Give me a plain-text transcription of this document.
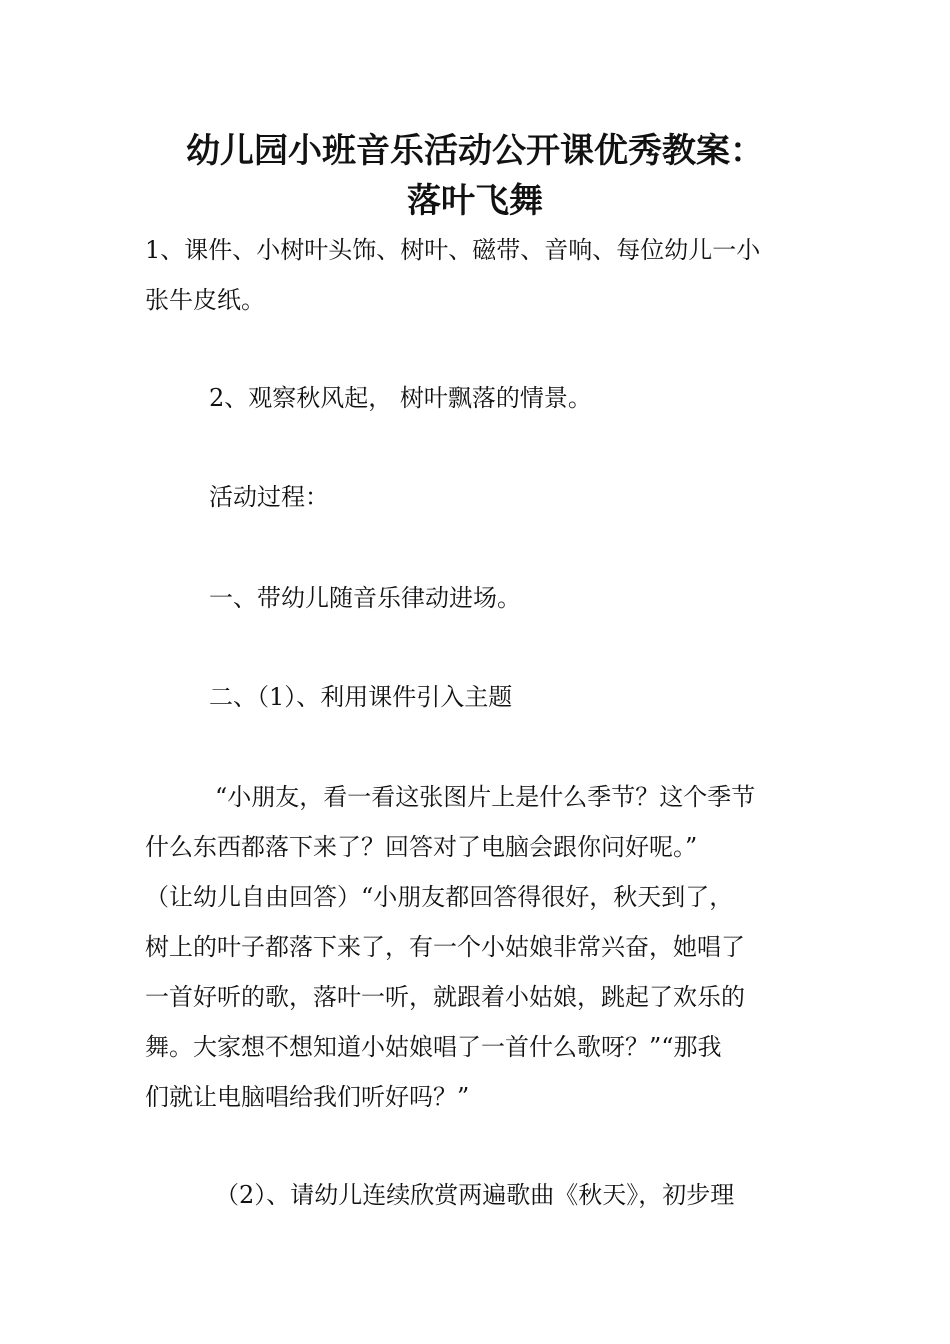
幼儿园小班音乐活动公开课优秀教案：
落叶飞舞

1、课件、小树叶头饰、树叶、磁带、音响、每位幼儿一小
张牛皮纸。

2、观察秋风起， 树叶飘落的情景。

活动过程：

一、带幼儿随音乐律动进场。

二、（1）、利用课件引入主题

“小朋友，看一看这张图片上是什么季节？这个季节
什么东西都落下来了？回答对了电脑会跟你问好呢。”
（让幼儿自由回答）“小朋友都回答得很好，秋天到了，
树上的叶子都落下来了，有一个小姑娘非常兴奋，她唱了
一首好听的歌，落叶一听，就跟着小姑娘，跳起了欢乐的
舞。大家想不想知道小姑娘唱了一首什么歌呀？”“那我
们就让电脑唱给我们听好吗？”

（2）、请幼儿连续欣赏两遍歌曲《秋天》，初步理
